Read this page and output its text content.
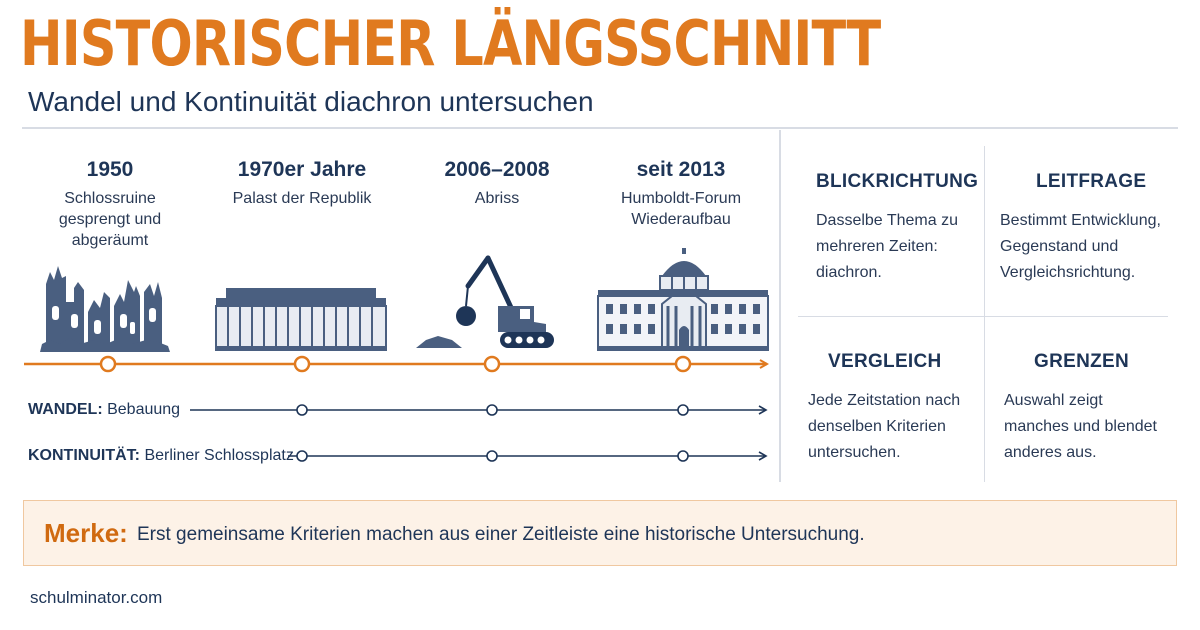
HISTORISCHER LÄNGSSCHNITT
Wandel und Kontinuität diachron untersuchen
1950
Schlossruine gesprengt und abgeräumt
1970er Jahre
Palast der Republik
2006–2008
Abriss
seit 2013
Humboldt-Forum Wiederaufbau
WANDEL: Bebauung
KONTINUITÄT: Berliner Schlossplatz
BLICKRICHTUNG
Dasselbe Thema zu mehreren Zeiten: diachron.
LEITFRAGE
Bestimmt Entwicklung, Gegenstand und Vergleichsrichtung.
VERGLEICH
Jede Zeitstation nach denselben Kriterien untersuchen.
GRENZEN
Auswahl zeigt manches und blendet anderes aus.
Merke: Erst gemeinsame Kriterien machen aus einer Zeitleiste eine historische Untersuchung.
schulminator.com
